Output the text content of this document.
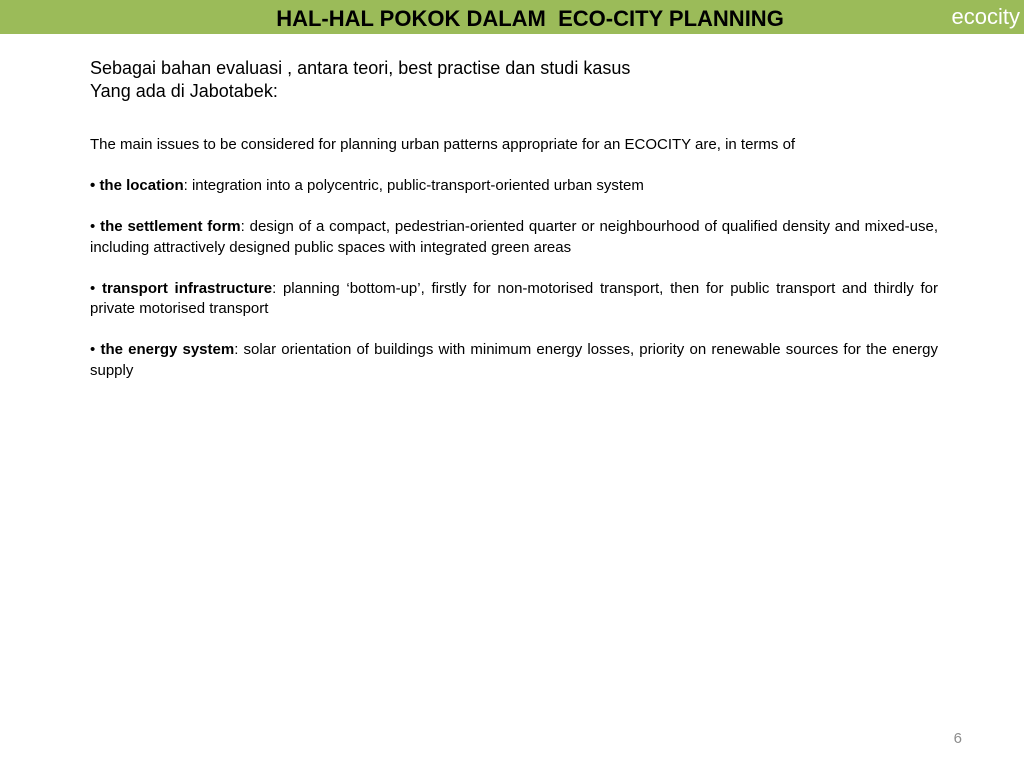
HAL-HAL POKOK DALAM  ECO-CITY PLANNING	ecocity
Sebagai bahan evaluasi , antara teori, best practise dan studi kasus
Yang ada di Jabotabek:

The main issues to be considered for planning urban patterns appropriate for an ECOCITY are, in terms of

• the location: integration into a polycentric, public-transport-oriented urban system

• the settlement form: design of a compact, pedestrian-oriented quarter or neighbourhood of qualified density and mixed-use, including attractively designed public spaces with integrated green areas

• transport infrastructure: planning ‘bottom-up’, firstly for non-motorised transport, then for public transport and thirdly for private motorised transport

• the energy system: solar orientation of buildings with minimum energy losses, priority on renewable sources for the energy supply

6
